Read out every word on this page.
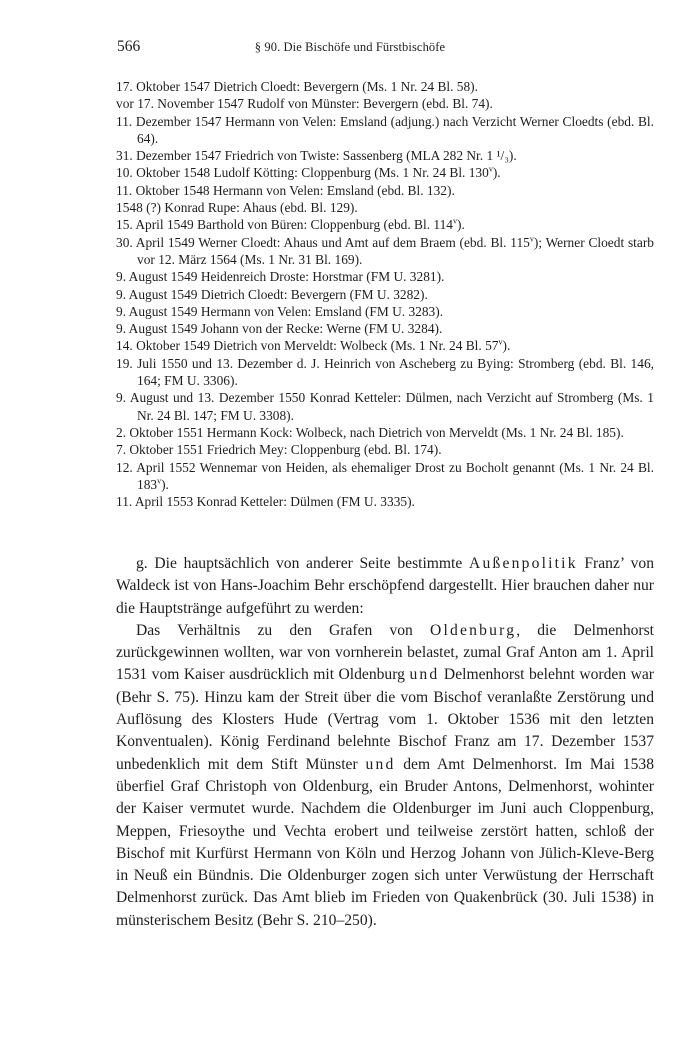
566	§ 90. Die Bischöfe und Fürstbischöfe
17. Oktober 1547 Dietrich Cloedt: Bevergern (Ms. 1 Nr. 24 Bl. 58).
vor 17. November 1547 Rudolf von Münster: Bevergern (ebd. Bl. 74).
11. Dezember 1547 Hermann von Velen: Emsland (adjung.) nach Verzicht Werner Cloedts (ebd. Bl. 64).
31. Dezember 1547 Friedrich von Twiste: Sassenberg (MLA 282 Nr. 1 ¹/₃).
10. Oktober 1548 Ludolf Kötting: Cloppenburg (Ms. 1 Nr. 24 Bl. 130$^v$).
11. Oktober 1548 Hermann von Velen: Emsland (ebd. Bl. 132).
1548 (?) Konrad Rupe: Ahaus (ebd. Bl. 129).
15. April 1549 Barthold von Büren: Cloppenburg (ebd. Bl. 114$^v$).
30. April 1549 Werner Cloedt: Ahaus und Amt auf dem Braem (ebd. Bl. 115$^v$); Werner Cloedt starb vor 12. März 1564 (Ms. 1 Nr. 31 Bl. 169).
9. August 1549 Heidenreich Droste: Horstmar (FM U. 3281).
9. August 1549 Dietrich Cloedt: Bevergern (FM U. 3282).
9. August 1549 Hermann von Velen: Emsland (FM U. 3283).
9. August 1549 Johann von der Recke: Werne (FM U. 3284).
14. Oktober 1549 Dietrich von Merveldt: Wolbeck (Ms. 1 Nr. 24 Bl. 57$^v$).
19. Juli 1550 und 13. Dezember d. J. Heinrich von Ascheberg zu Bying: Stromberg (ebd. Bl. 146, 164; FM U. 3306).
9. August und 13. Dezember 1550 Konrad Ketteler: Dülmen, nach Verzicht auf Stromberg (Ms. 1 Nr. 24 Bl. 147; FM U. 3308).
2. Oktober 1551 Hermann Kock: Wolbeck, nach Dietrich von Merveldt (Ms. 1 Nr. 24 Bl. 185).
7. Oktober 1551 Friedrich Mey: Cloppenburg (ebd. Bl. 174).
12. April 1552 Wennemar von Heiden, als ehemaliger Drost zu Bocholt genannt (Ms. 1 Nr. 24 Bl. 183$^v$).
11. April 1553 Konrad Ketteler: Dülmen (FM U. 3335).

g. Die hauptsächlich von anderer Seite bestimmte Außenpolitik Franz’ von Waldeck ist von Hans-Joachim Behr erschöpfend dargestellt. Hier brauchen daher nur die Hauptstränge aufgeführt zu werden:

Das Verhältnis zu den Grafen von Oldenburg, die Delmenhorst zurückgewinnen wollten, war von vornherein belastet, zumal Graf Anton am 1. April 1531 vom Kaiser ausdrücklich mit Oldenburg und Delmenhorst belehnt worden war (Behr S. 75). Hinzu kam der Streit über die vom Bischof veranlaßte Zerstörung und Auflösung des Klosters Hude (Vertrag vom 1. Oktober 1536 mit den letzten Konventualen). König Ferdinand belehnte Bischof Franz am 17. Dezember 1537 unbedenklich mit dem Stift Münster und dem Amt Delmenhorst. Im Mai 1538 überfiel Graf Christoph von Oldenburg, ein Bruder Antons, Delmenhorst, wohinter der Kaiser vermutet wurde. Nachdem die Oldenburger im Juni auch Cloppenburg, Meppen, Friesoythe und Vechta erobert und teilweise zerstört hatten, schloß der Bischof mit Kurfürst Hermann von Köln und Herzog Johann von Jülich-Kleve-Berg in Neuß ein Bündnis. Die Oldenburger zogen sich unter Verwüstung der Herrschaft Delmenhorst zurück. Das Amt blieb im Frieden von Quakenbrück (30. Juli 1538) in münsterischem Besitz (Behr S. 210–250).
